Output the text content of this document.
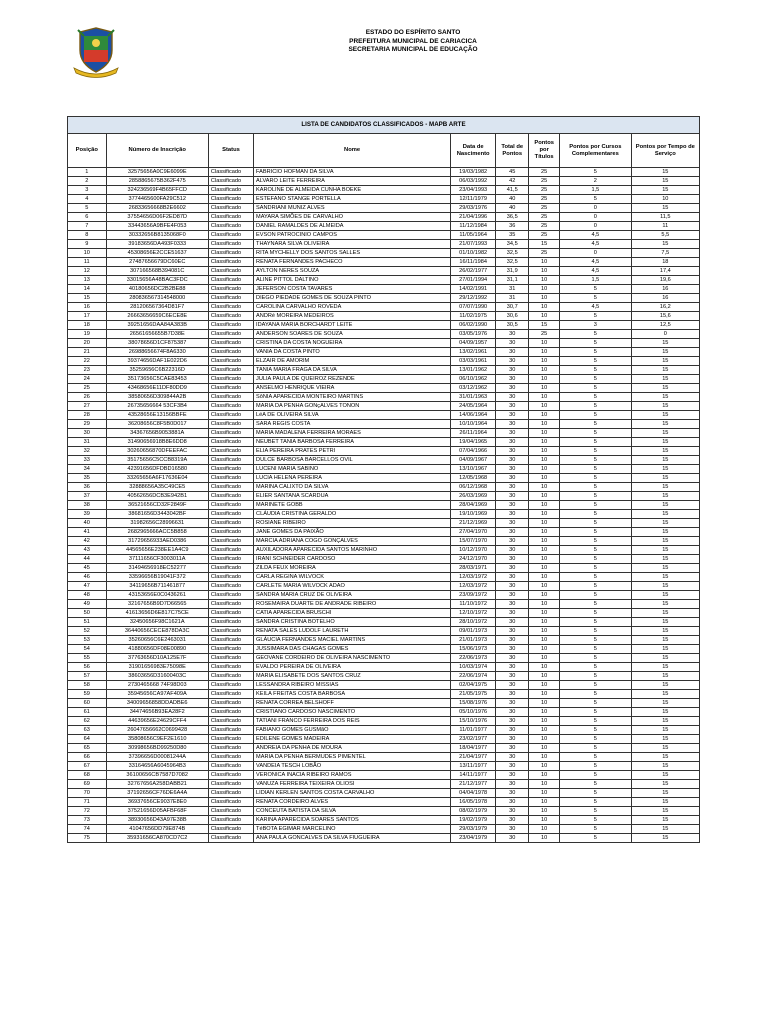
ESTADO DO ESPÍRITO SANTO
PREFEITURA MUNICIPAL DE CARIACICA
SECRETARIA MUNICIPAL DE EDUCAÇÃO
LISTA DE CANDIDATOS CLASSIFICADOS - MAPB ARTE								
Posição	Número de Inscrição	Status	Nome	Data de Nascimento	Total de Pontos	Pontos por Títulos	Pontos por Cursos Complementares	Pontos por Tempo de Serviço
1	32575656A0C9E6099E	Classificado	FABRICIO HOFMAN DA SILVA	19/03/1982	45	25	5	15
2	2858865675B362F475	Classificado	ALVARO LEITE FERREIRA	06/03/1992	42	25	2	15
3	324236569F4B65FFCD	Classificado	KAROLINE DE ALMEIDA CUNHA BOEKE	23/04/1993	41,5	25	1,5	15
4	3774465600FA29C512	Classificado	ESTEFANO STANGE PORTELLA	12/11/1979	40	25	5	10
5	26833656668B2E6602	Classificado	SANDRIANI MUNIZ ALVES	29/03/1976	40	25	0	15
6	37554656D06F2ED87D	Classificado	MAYARA SIMÕES DE CARVALHO	21/04/1996	36,5	25	0	11,5
7	33443656A9BFE4F053	Classificado	DANIEL RAMALDES DE ALMEIDA	11/12/1984	36	25	0	11
8	30332656B8135068F0	Classificado	EVSON PATROCINIO CAMPOS	11/05/1964	35	25	4,5	5,5
9	39183656DA493F0333	Classificado	THAYNARA SILVA OLIVEIRA	21/07/1993	34,5	15	4,5	15
10	45308656E2CCE51637	Classificado	RITA MYCHELLY DOS SANTOS SALLES	01/10/1982	32,5	25	0	7,5
11	27487656679DC60EC	Classificado	RENATA FERNANDES PACHECO	16/11/1984	32,5	10	4,5	18
12	307166568B394081C	Classificado	AYLTON NERES SOUZA	26/02/1977	31,9	10	4,5	17,4
13	33015656A48BAC3FDC	Classificado	ALINE PITTOL DALTINO	27/01/1994	31,1	10	1,5	19,6
14	40180656DC2B2BE88	Classificado	JEFERSON COSTA TAVARES	14/02/1991	31	10	5	16
15	280836567314548000	Classificado	DIEGO PIEDADE GOMES DE SOUZA PINTO	29/12/1992	31	10	5	16
16	281206567364D81F7	Classificado	CAROLINA CARVALHO ROVEDA	07/07/1990	30,7	10	4,5	16,2
17	26663656659C6ECE8E	Classificado	ANDRé MOREIRA MEDEIROS	11/02/1975	30,6	10	5	15,6
18	39251656DAA84A383B	Classificado	IDAYANA MARIA BORCHARDT LEITE	06/02/1990	30,5	15	3	12,5
19	26561656655B7D38E	Classificado	ANDERSON SOARES DE SOUZA	03/05/1976	30	25	5	0
20	38078656D1CF875387	Classificado	CRISTINA DA COSTA NOGUEIRA	04/09/1957	30	10	5	15
21	26988656674F8A6330	Classificado	VANIA DA COSTA PINTO	13/02/1961	30	10	5	15
22	39374656DAF1E022D6	Classificado	ELZAIR DE AMORIM	03/03/1961	30	10	5	15
23	35259656C6B22316D	Classificado	TANIA MARIA FRAGA DA SILVA	13/01/1962	30	10	5	15
24	35173656C5CAE83453	Classificado	JULIA PAULA DE QUEIROZ REZENDE	06/10/1962	30	10	5	15
25	43468656E11DF80DD9	Classificado	ANSELMO HENRIQUE VIEIRA	03/12/1962	30	10	5	15
26	38580656D309844A2B	Classificado	SôNIA APARECIDA MONTEIRO MARTINS	31/01/1963	30	10	5	15
27	26735656664 53CF3B4	Classificado	MARIA DA PENHA GONçALVES TONON	24/05/1964	30	10	5	15
28	43528656E13156BBFE	Classificado	LéA DE OLIVEIRA SILVA	14/06/1964	30	10	5	15
29	36208656C8F5B0D017	Classificado	SARA REGIS COSTA	10/10/1964	30	10	5	15
30	34367656B9053881A	Classificado	MARIA MADALENA FERREIRA MORAES	26/11/1964	30	10	5	15
31	31490656918B8E6DD8	Classificado	NEUBET TANIA BARBOSA FERREIRA	19/04/1965	30	10	5	15
32	30260656870DFEEFAC	Classificado	ELIA PEREIRA PRATES PETRI	07/04/1966	30	10	5	15
33	35175656C5CCB8319A	Classificado	DULCE BARBOSA BARCELLOS OVIL	04/09/1967	30	10	5	15
34	42391656DFDBD16580	Classificado	LUCENI MARIA SABINO	13/10/1967	30	10	5	15
35	33265656A6F17636E04	Classificado	LUCIA HELENA PEREIRA	12/05/1968	30	10	5	15
36	32888656A35C49CE5	Classificado	MARINA CALIXTO DA SILVA	06/12/1968	30	10	5	15
37	40562656DCB3E942B1	Classificado	ELIER SANTANA SCARDUA	26/03/1969	30	10	5	15
38	36521656CD32F2849F	Classificado	MARINETE GOBB	28/04/1969	30	10	5	15
39	38681656D3443042BF	Classificado	CLÁUDIA CRISTINA GERALDO	19/10/1969	30	10	5	15
40	31982656C28996631	Classificado	ROSIANE RIBEIRO	21/12/1969	30	10	5	15
41	2682965666ACC5B858	Classificado	JANE GOMES DA PAIXÃO	27/04/1970	30	10	5	15
42	31729656933AED0386	Classificado	MARCIA ADRIANA COGO GONÇALVES	15/07/1970	30	10	5	15
43	44565656E238EE1A4C9	Classificado	AUXILADORA APARECIDA SANTOS MARINHO	10/12/1970	30	10	5	15
44	37111656CF3003011A	Classificado	IRANI SCHNEIDER CARDOSO	24/12/1970	30	10	5	15
45	31494656918EC52277	Classificado	ZILDA FEUX MOREIRA	28/03/1971	30	10	5	15
46	33596656B19041F372	Classificado	CARLA REGINA WILVOCK	12/03/1972	30	10	5	15
47	34119656B711461877	Classificado	CARLETE MARIA WILVOCK ADAO	12/03/1972	30	10	5	15
48	43153656E0C0436261	Classificado	SANDRA MARIA CRUZ DE OLIVEIRA	23/09/1972	30	10	5	15
49	32167656B9D7D66565	Classificado	ROSEMAIRA DUARTE DE ANDRADE RIBEIRO	11/10/1972	30	10	5	15
50	41613656D6E817C75CE	Classificado	CATIA APARECIDA BRUSCHI	12/10/1972	30	10	5	15
51	32450656F98C1621A	Classificado	SANDRA CRISTINA BOTELHO	28/10/1972	30	10	5	15
52	36440656CECE878DA3C	Classificado	RENATA SALES LUDOLF LAURETH	09/01/1973	30	10	5	15
53	35260656C6E2463031	Classificado	GLÁUCIA FERNANDES MACIEL MARTINS	21/01/1973	30	10	5	15
54	41880656DF08E00890	Classificado	JUSSIMARA DAS CHAGAS GOMES	15/06/1973	30	10	5	15
55	37763656D10A125E7F	Classificado	GEOVANE CORDEIRO DE OLIVEIRA NASCIMENTO	22/06/1973	30	10	5	15
56	31901656983E75098E	Classificado	EVALDO PEREIRA DE OLIVEIRA	10/03/1974	30	10	5	15
57	38603656D31600403C	Classificado	MARIA ELISABETE DOS SANTOS CRUZ	22/06/1974	30	10	5	15
58	2730465668 74F98D03	Classificado	LESSANDRA RIBEIRO MISSIAS	02/04/1975	30	10	5	15
59	35945656CA97AF409A	Classificado	KEILA FREITAS COSTA BARBOSA	21/05/1975	30	10	5	15
60	34009656858DDADBE6	Classificado	RENATA CORREA BELSHOFF	15/08/1976	30	10	5	15
61	34474656B93EA28F2	Classificado	CRISTIANO CARDOSO NASCIMENTO	05/10/1976	30	10	5	15
62	44639656E24629CFF4	Classificado	TATIANI FRANCO FERREIRA DOS REIS	15/10/1976	30	10	5	15
63	26047656662C0699428	Classificado	FABIANO GOMES GUSMãO	11/01/1977	30	10	5	15
64	35808656C9EF2E1610	Classificado	EDILENE GOMES MADEIRA	23/02/1977	30	10	5	15
65	30998656BD99250D80	Classificado	ANDREIA DA PENHA DE MOURA	18/04/1977	30	10	5	15
66	37396656D00081244A	Classificado	MARIA DA PENHA BERMUDES PIMENTEL	21/04/1977	30	10	5	15
67	33164656A6045964B3	Classificado	VANDEIA TESCH LOBÃO	13/11/1977	30	10	5	15
68	36100656CB7587D7082	Classificado	VERONICA INACIA RIBEIRO RAMOS	14/11/1977	30	10	5	15
69	32767656A258DABB21	Classificado	VANUZA FERREIRA TEIXEIRA OLIOSI	21/12/1977	30	10	5	15
70	37192656CF76DE6A4A	Classificado	LIDIAN KERLEN SANTOS COSTA CARVALHO	04/04/1978	30	10	5	15
71	36937656CE9037E8E0	Classificado	RENATA CORDEIRO ALVES	16/05/1978	30	10	5	15
72	37521656D05AFBF68F	Classificado	CONCEUTA BATISTA DA SILVA	08/02/1979	30	10	5	15
73	38930656D43A97E38B	Classificado	KARINA APARECIDA SOARES SANTOS	19/02/1979	30	10	5	15
74	41047656DD79E874B	Classificado	TéBOTA EGIMAR MARCELINO	29/03/1979	30	10	5	15
75	35931656CA870CD7C2	Classificado	ANA PAULA GONCALVES DA SILVA FIUGUEIRA	23/04/1979	30	10	5	15
